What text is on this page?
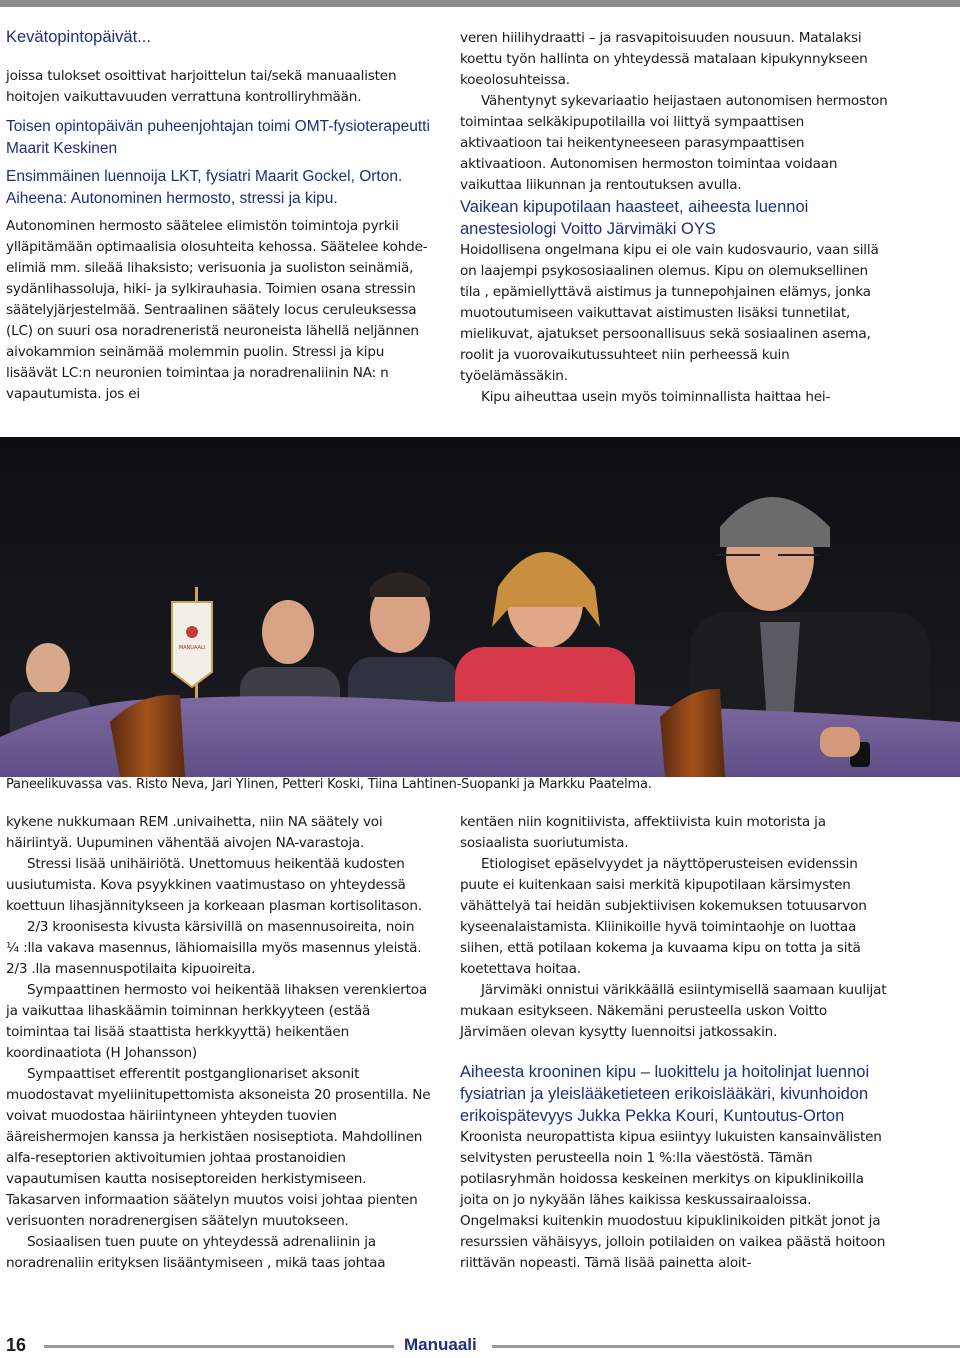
Kevätopintopäivät...

joissa tulokset osoittivat harjoittelun tai/sekä manuaalisten hoitojen vaikuttavuuden verrattuna kontrolliryhmään.

Toisen opintopäivän puheenjohtajan toimi OMT-fysioterapeutti Maarit Keskinen

Ensimmäinen luennoija LKT, fysiatri Maarit Gockel, Orton. Aiheena: Autonominen hermosto, stressi ja kipu.

Autonominen hermosto säätelee elimistön toimintoja pyrkii ylläpitämään optimaalisia olosuhteita kehossa. Säätelee kohde-elimiä mm. sileää lihaksisto; verisuonia ja suoliston seinämiä, sydänlihassoluja, hiki- ja sylkirauhasia. Toimien osana stressin säätelyjärjestelmää. Sentraalinen säätely locus ceruleuksessa (LC) on suuri osa noradreneristä neuroneista lähellä neljännen aivokammion seinämää molemmin puolin. Stressi ja kipu lisäävät LC:n neuronien toimintaa ja noradrenaliinin NA: n vapautumista. jos ei

veren hiilihydraatti – ja rasvapitoisuuden nousuun. Matalaksi koettu työn hallinta on yhteydessä matalaan kipukynnykseen koeolosuhteissa.

Vähentynyt sykevariaatio heijastaen autonomisen hermoston toimintaa selkäkipupotilailla voi liittyä sympaattisen aktivaatioon tai heikentyneeseen parasympaattisen aktivaatioon. Autonomisen hermoston toimintaa voidaan vaikuttaa liikunnan ja rentoutuksen avulla.

Vaikean kipupotilaan haasteet, aiheesta luennoi anestesiologi Voitto Järvimäki OYS

Hoidollisena ongelmana kipu ei ole vain kudosvaurio, vaan sillä on laajempi psykososiaalinen olemus. Kipu on olemuksellinen tila , epämiellyttävä aistimus ja tunnepohjainen elämys, jonka muotoutumiseen vaikuttavat aistimusten lisäksi tunnetilat, mielikuvat, ajatukset persoonallisuus sekä sosiaalinen asema, roolit ja vuorovaikutussuhteet niin perheessä kuin työelämässäkin.

Kipu aiheuttaa usein myös toiminnallista haittaa hei-

MANUAALI
Paneelikuvassa vas. Risto Neva, Jari Ylinen, Petteri Koski, Tiina Lahtinen-Suopanki ja Markku Paatelma.

kykene nukkumaan REM .univaihetta, niin NA säätely voi häiriintyä. Uupuminen vähentää aivojen NA-varastoja.

Stressi lisää unihäiriötä. Unettomuus heikentää kudosten uusiutumista. Kova psyykkinen vaatimustaso on yhteydessä koettuun lihasjännitykseen ja korkeaan plasman kortisolitason.

2/3 kroonisesta kivusta kärsivillä on masennusoireita, noin ¼ :lla vakava masennus, lähiomaisilla myös masennus yleistä. 2/3 .lla masennuspotilaita kipuoireita.

Sympaattinen hermosto voi heikentää lihaksen verenkiertoa ja vaikuttaa lihaskäämin toiminnan herkkyyteen (estää toimintaa tai lisää staattista herkkyyttä) heikentäen koordinaatiota (H Johansson)

Sympaattiset efferentit postganglionariset aksonit muodostavat myeliinitupettomista aksoneista 20 prosentilla. Ne voivat muodostaa häiriintyneen yhteyden tuovien ääreishermojen kanssa ja herkistäen nosiseptiota. Mahdollinen alfa-reseptorien aktivoitumien johtaa prostanoidien vapautumisen kautta nosiseptoreiden herkistymiseen. Takasarven informaation säätelyn muutos voisi johtaa pienten verisuonten noradrenergisen säätelyn muutokseen.

Sosiaalisen tuen puute on yhteydessä adrenaliinin ja noradrenaliin erityksen lisääntymiseen , mikä taas johtaa

kentäen niin kognitiivista, affektiivista kuin motorista ja sosiaalista suoriutumista.

Etiologiset epäselvyydet ja näyttöperusteisen evidenssin puute ei kuitenkaan saisi merkitä kipupotilaan kärsimysten vähättelyä tai heidän subjektiivisen kokemuksen totuusarvon kyseenalaistamista. Kliinikoille hyvä toimintaohje on luottaa siihen, että potilaan kokema ja kuvaama kipu on totta ja sitä koetettava hoitaa.

Järvimäki onnistui värikkäällä esiintymisellä saamaan kuulijat mukaan esitykseen. Näkemäni perusteella uskon Voitto Järvimäen olevan kysytty luennoitsi jatkossakin.

Aiheesta krooninen kipu – luokittelu ja hoitolinjat luennoi fysiatrian ja yleislääketieteen erikoislääkäri, kivunhoidon erikoispätevyys Jukka Pekka Kouri, Kuntoutus-Orton

Kroonista neuropattista kipua esiintyy lukuisten kansainvälisten selvitysten perusteella noin 1 %:lla väestöstä. Tämän potilasryhmän hoidossa keskeinen merkitys on kipuklinikoilla joita on jo nykyään lähes kaikissa keskussairaaloissa. Ongelmaksi kuitenkin muodostuu kipuklinikoiden pitkät jonot ja resurssien vähäisyys, jolloin potilaiden on vaikea päästä hoitoon riittävän nopeasti. Tämä lisää painetta aloit-

16	Manuaali
